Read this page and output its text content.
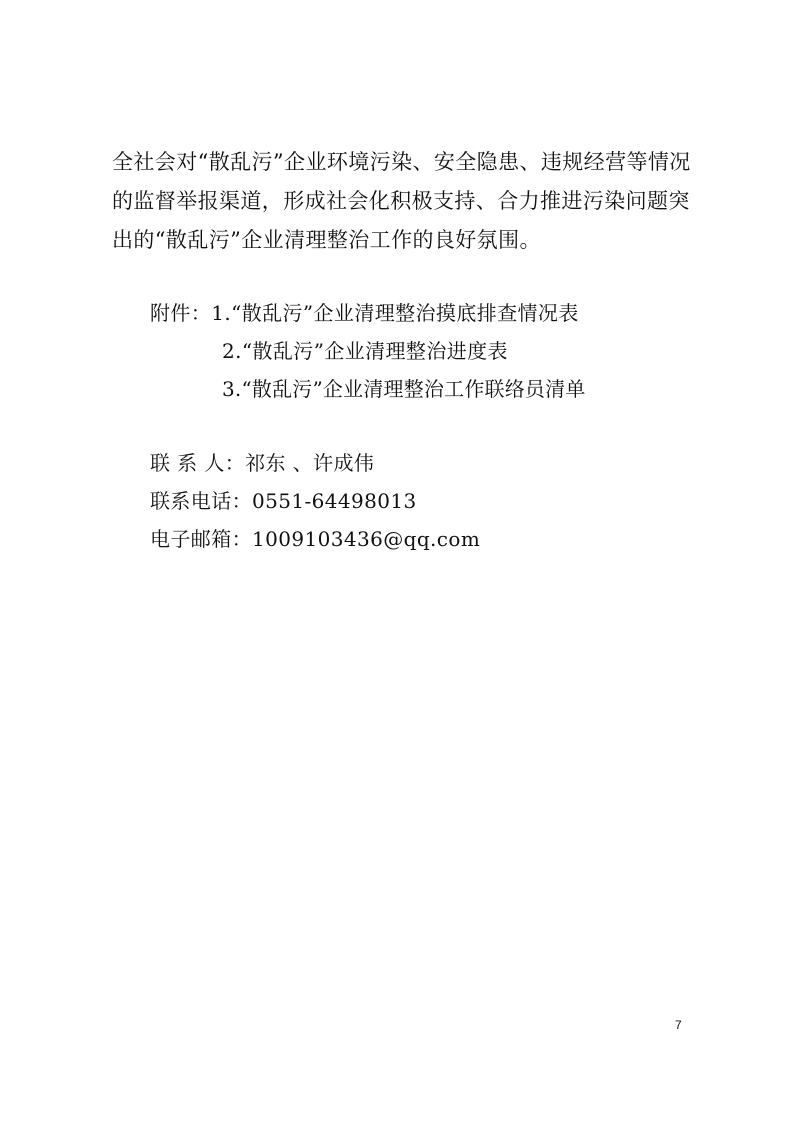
全社会对“散乱污”企业环境污染、安全隐患、违规经营等情况
的监督举报渠道，形成社会化积极支持、合力推进污染问题突
出的“散乱污”企业清理整治工作的良好氛围。
附件：1.“散乱污”企业清理整治摸底排查情况表
2.“散乱污”企业清理整治进度表
3.“散乱污”企业清理整治工作联络员清单
联 系 人：祁东 、许成伟
联系电话：0551-64498013
电子邮箱：1009103436@qq.com
7
